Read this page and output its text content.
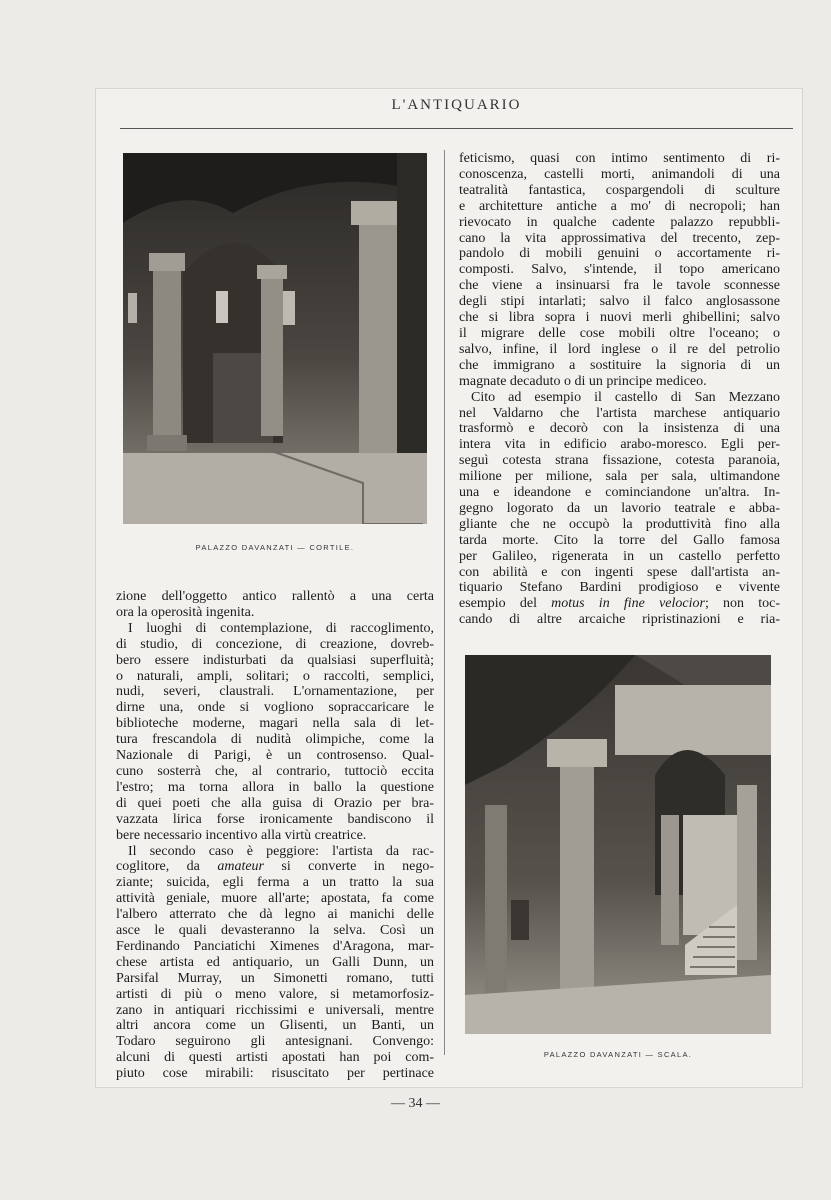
L'ANTIQUARIO
PALAZZO DAVANZATI — CORTILE.
PALAZZO DAVANZATI — SCALA.
feticismo, quasi con intimo sentimento di ri-
conoscenza, castelli morti, animandoli di una
teatralità fantastica, cospargendoli di sculture
e architetture antiche a mo' di necropoli; han
rievocato in qualche cadente palazzo repubbli-
cano la vita approssimativa del trecento, zep-
pandolo di mobili genuini o accortamente ri-
composti. Salvo, s'intende, il topo americano
che viene a insinuarsi fra le tavole sconnesse
degli stipi intarlati; salvo il falco anglosassone
che si libra sopra i nuovi merli ghibellini; salvo
il migrare delle cose mobili oltre l'oceano; o
salvo, infine, il lord inglese o il re del petrolio
che immigrano a sostituire la signoria di un
magnate decaduto o di un principe mediceo.
Cito ad esempio il castello di San Mezzano
nel Valdarno che l'artista marchese antiquario
trasformò e decorò con la insistenza di una
intera vita in edificio arabo-moresco. Egli per-
seguì cotesta strana fissazione, cotesta paranoia,
milione per milione, sala per sala, ultimandone
una e ideandone e cominciandone un'altra. In-
gegno logorato da un lavorio teatrale e abba-
gliante che ne occupò la produttività fino alla
tarda morte. Cito la torre del Gallo famosa
per Galileo, rigenerata in un castello perfetto
con abilità e con ingenti spese dall'artista an-
tiquario Stefano Bardini prodigioso e vivente
esempio del motus in fine velocior; non toc-
cando di altre arcaiche ripristinazioni e ria-
zione dell'oggetto antico rallentò a una certa
ora la operosità ingenita.
I luoghi di contemplazione, di raccoglimento,
di studio, di concezione, di creazione, dovreb-
bero essere indisturbati da qualsiasi superfluità;
o naturali, ampli, solitari; o raccolti, semplici,
nudi, severi, claustrali. L'ornamentazione, per
dirne una, onde si vogliono sopraccaricare le
biblioteche moderne, magari nella sala di let-
tura frescandola di nudità olimpiche, come la
Nazionale di Parigi, è un controsenso. Qual-
cuno sosterrà che, al contrario, tuttociò eccita
l'estro; ma torna allora in ballo la questione
di quei poeti che alla guisa di Orazio per bra-
vazzata lirica forse ironicamente bandiscono il
bere necessario incentivo alla virtù creatrice.
Il secondo caso è peggiore: l'artista da rac-
coglitore, da amateur si converte in nego-
ziante; suicida, egli ferma a un tratto la sua
attività geniale, muore all'arte; apostata, fa come
l'albero atterrato che dà legno ai manichi delle
asce le quali devasteranno la selva. Così un
Ferdinando Panciatichi Ximenes d'Aragona, mar-
chese artista ed antiquario, un Galli Dunn, un
Parsifal Murray, un Simonetti romano, tutti
artisti di più o meno valore, si metamorfosiz-
zano in antiquari ricchissimi e universali, mentre
altri ancora come un Glisenti, un Banti, un
Todaro seguirono gli antesignani. Convengo:
alcuni di questi artisti apostati han poi com-
piuto cose mirabili: risuscitato per pertinace
— 34 —
